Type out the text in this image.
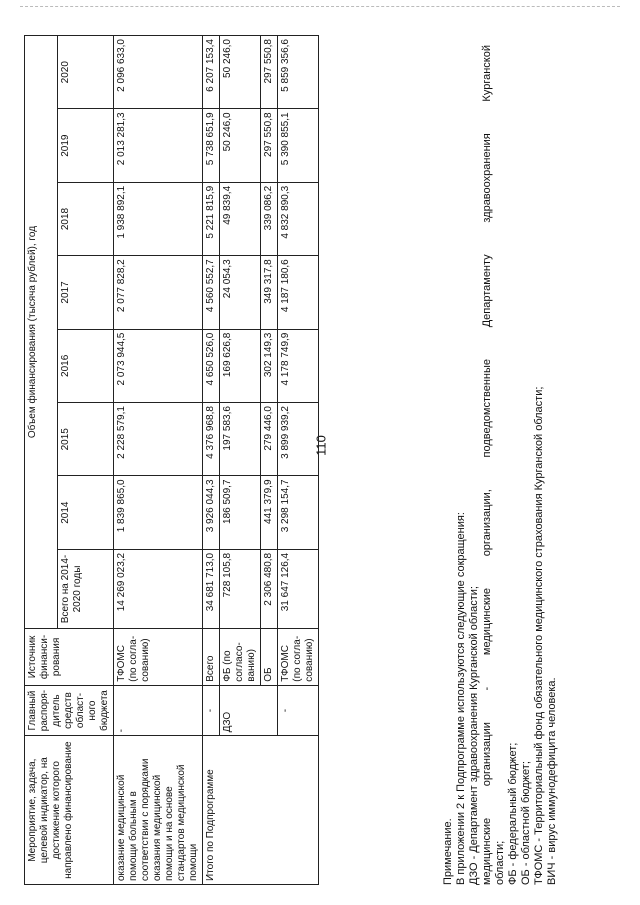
110
Мероприятие, задача, целевой индикатор, на достижение которого направлено финансирование	Главный распоря-дитель средств област-ного бюджета	Источник финанси-рования	Объем финансирования (тысяча рублей), год							
			Всего на 2014-2020 годы	2014	2015	2016	2017	2018	2019	2020
оказание медицинской помощи больным в соответствии с порядками оказания медицинской помощи и на основе стандартов медицинской помощи	-	ТФОМС (по согла-сованию)	14 269 023,2	1 839 865,0	2 228 579,1	2 073 944,5	2 077 828,2	1 938 892,1	2 013 281,3	2 096 633,0
Итого по Подпрограмме	-	Всего	34 681 713,0	3 926 044,3	4 376 968,8	4 650 526,0	4 560 552,7	5 221 815,9	5 738 651,9	6 207 153,4
	ДЗО	ФБ (по согласо-ванию)	728 105,8	186 509,7	197 583,6	169 626,8	24 054,3	49 839,4	50 246,0	50 246,0
		ОБ	2 306 480,8	441 379,9	279 446,0	302 149,3	349 317,8	339 086,2	297 550,8	297 550,8
	-	ТФОМС (по согла-сованию)	31 647 126,4	3 298 154,7	3 899 939,2	4 178 749,9	4 187 180,6	4 832 890,3	5 390 855,1	5 859 356,6

Примечание. В приложении 2 к Подпрограмме используются следующие сокращения: ДЗО - Департамент здравоохранения Курганской области; медицинские организации - медицинские организации, подведомственные Департаменту здравоохранения Курганской области; ФБ - федеральный бюджет; ОБ - областной бюджет; ТФОМС - Территориальный фонд обязательного медицинского страхования Курганской области; ВИЧ - вирус иммунодефицита человека.
